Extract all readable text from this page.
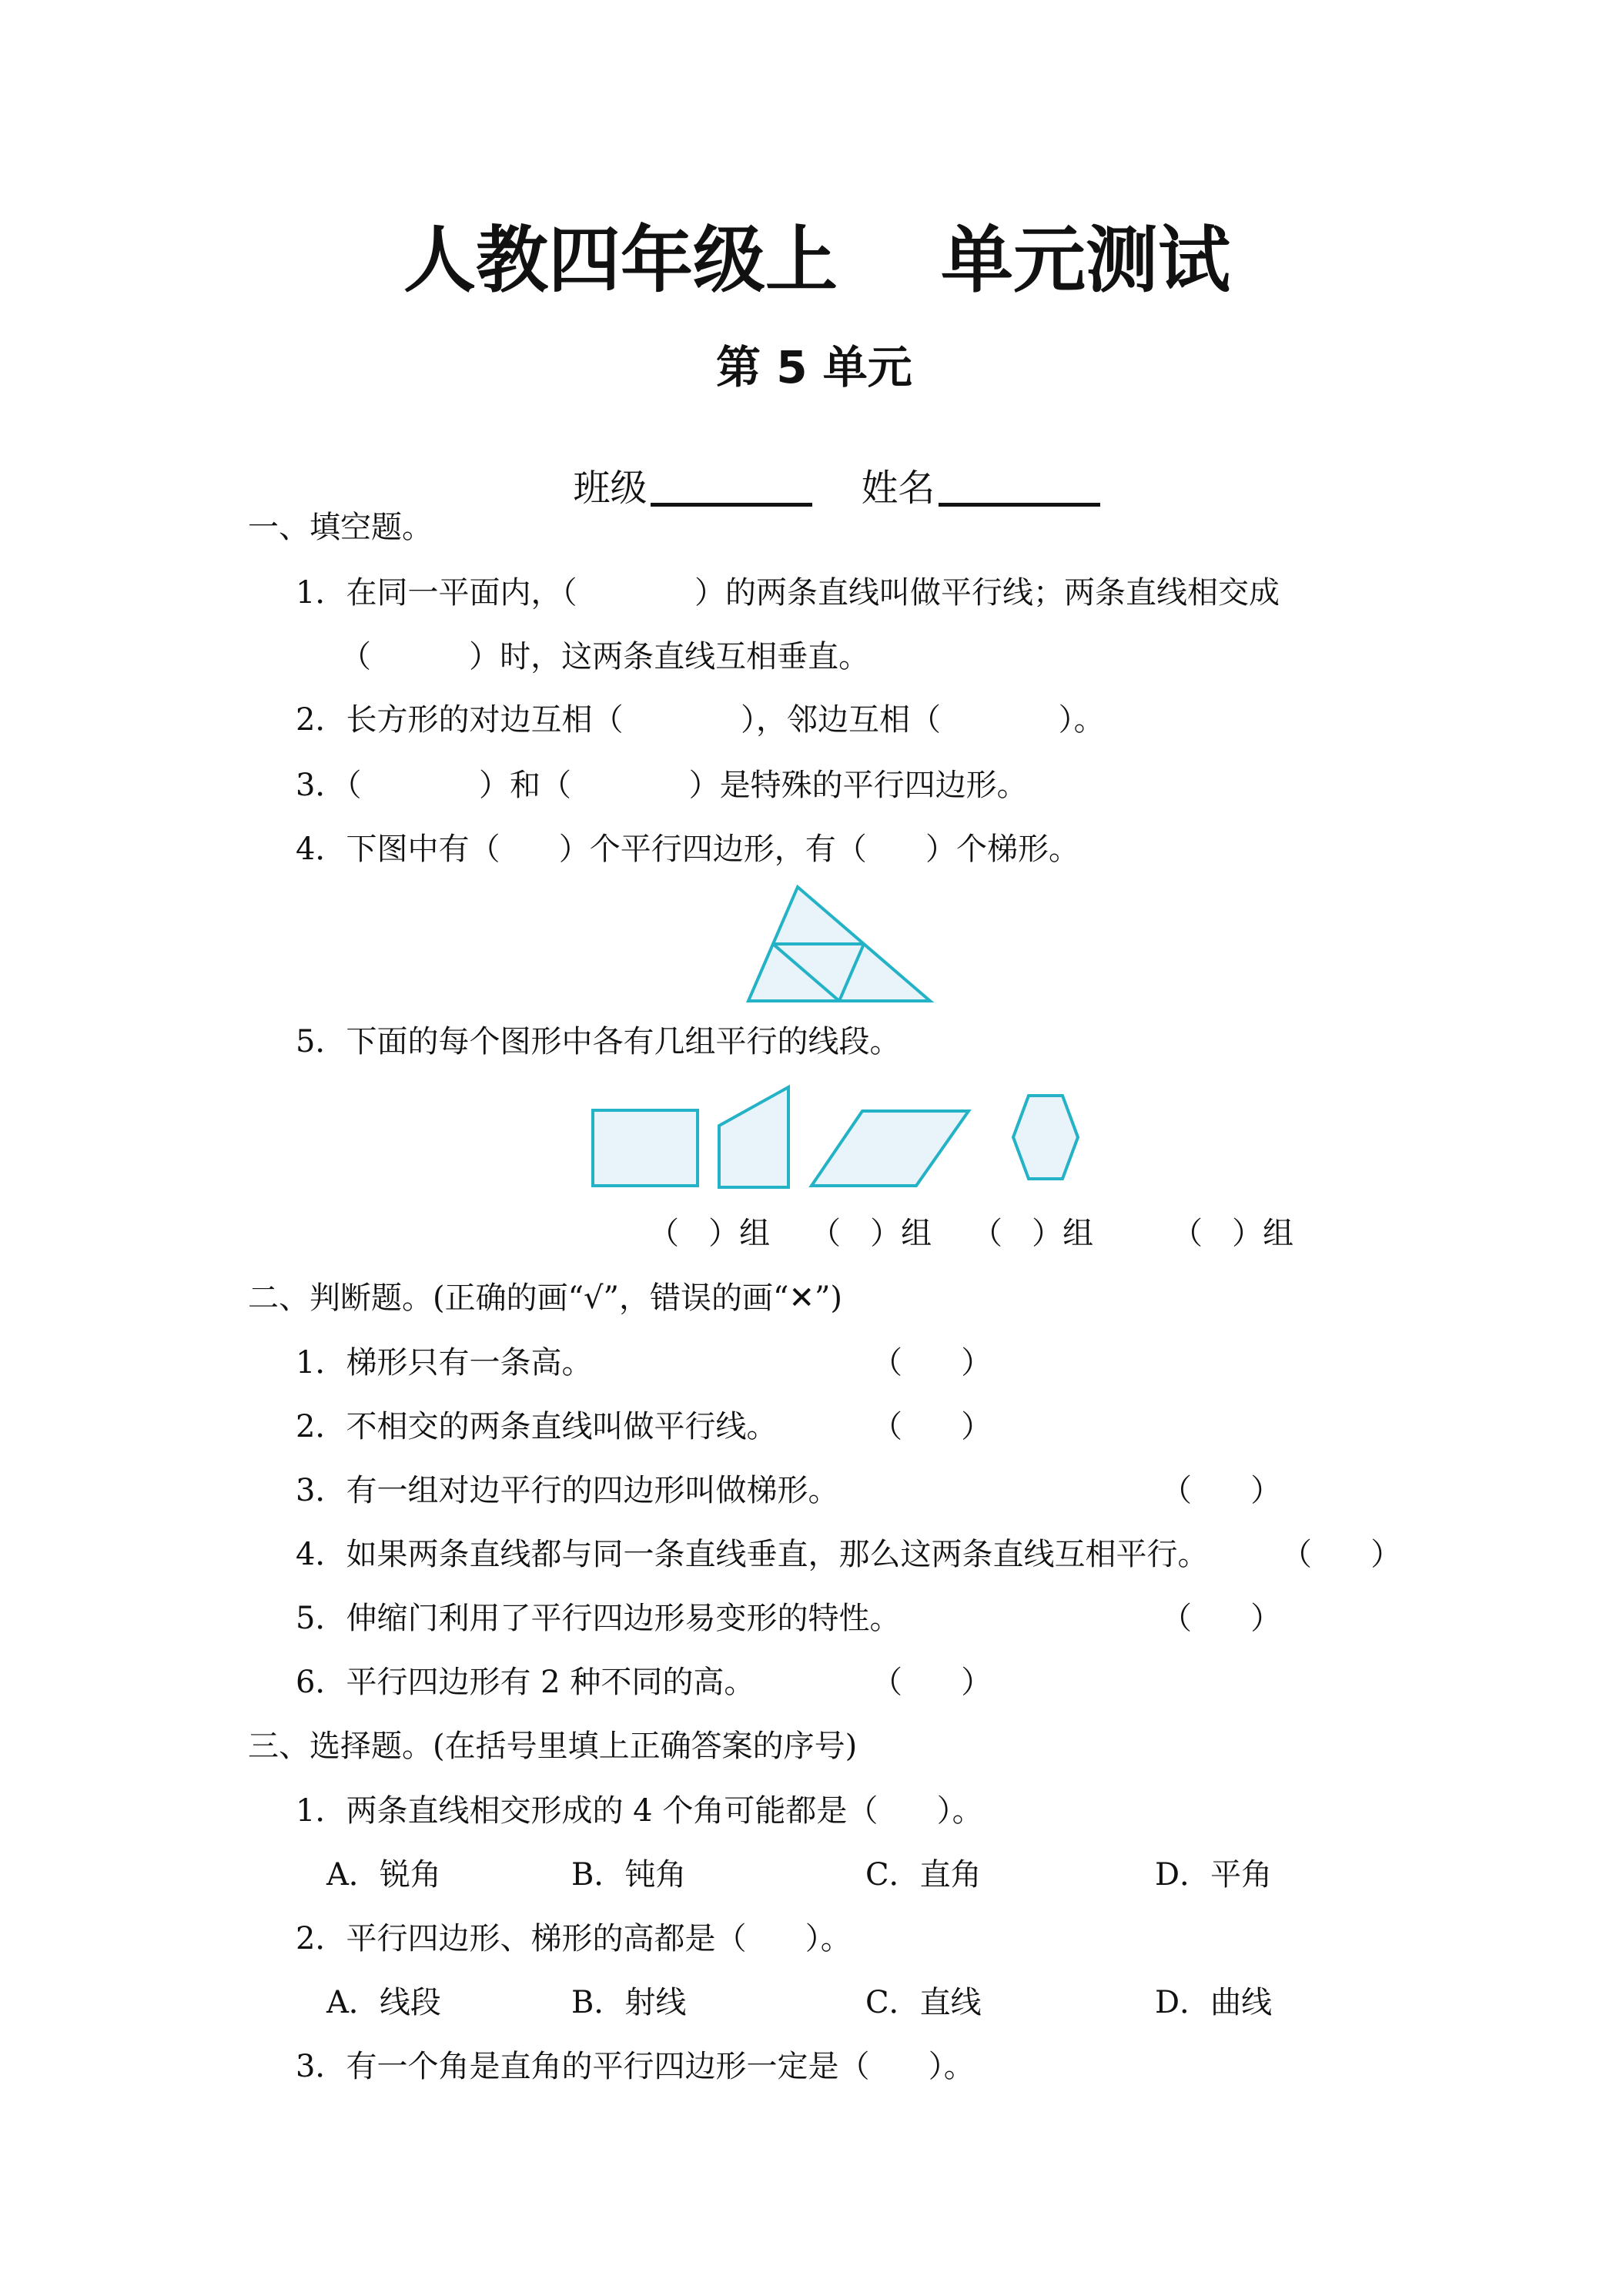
人教四年级上 单元测试
第 5 单元

班级	姓名

一、填空题。
1．在同一平面内，（            ）的两条直线叫做平行线；两条直线相交成
（          ）时，这两条直线互相垂直。
2．长方形的对边互相（            ），邻边互相（            ）。
3．（            ）和（            ）是特殊的平行四边形。
4．下图中有（      ）个平行四边形，有（      ）个梯形。
5．下面的每个图形中各有几组平行的线段。
（   ）组 （   ）组 （   ）组	（   ）组
二、判断题。(正确的画“√”，错误的画“✕”)
1．梯形只有一条高。	（      ）
2．不相交的两条直线叫做平行线。	（      ）
3．有一组对边平行的四边形叫做梯形。	（      ）
4．如果两条直线都与同一条直线垂直，那么这两条直线互相平行。 （      ）
5．伸缩门利用了平行四边形易变形的特性。	（      ）
6．平行四边形有 2 种不同的高。	（      ）
三、选择题。(在括号里填上正确答案的序号)
1．两条直线相交形成的 4 个角可能都是（      ）。
A．锐角	B．钝角	C．直角	D．平角
2．平行四边形、梯形的高都是（      ）。
A．线段	B．射线	C．直线	D．曲线
3．有一个角是直角的平行四边形一定是（      ）。
